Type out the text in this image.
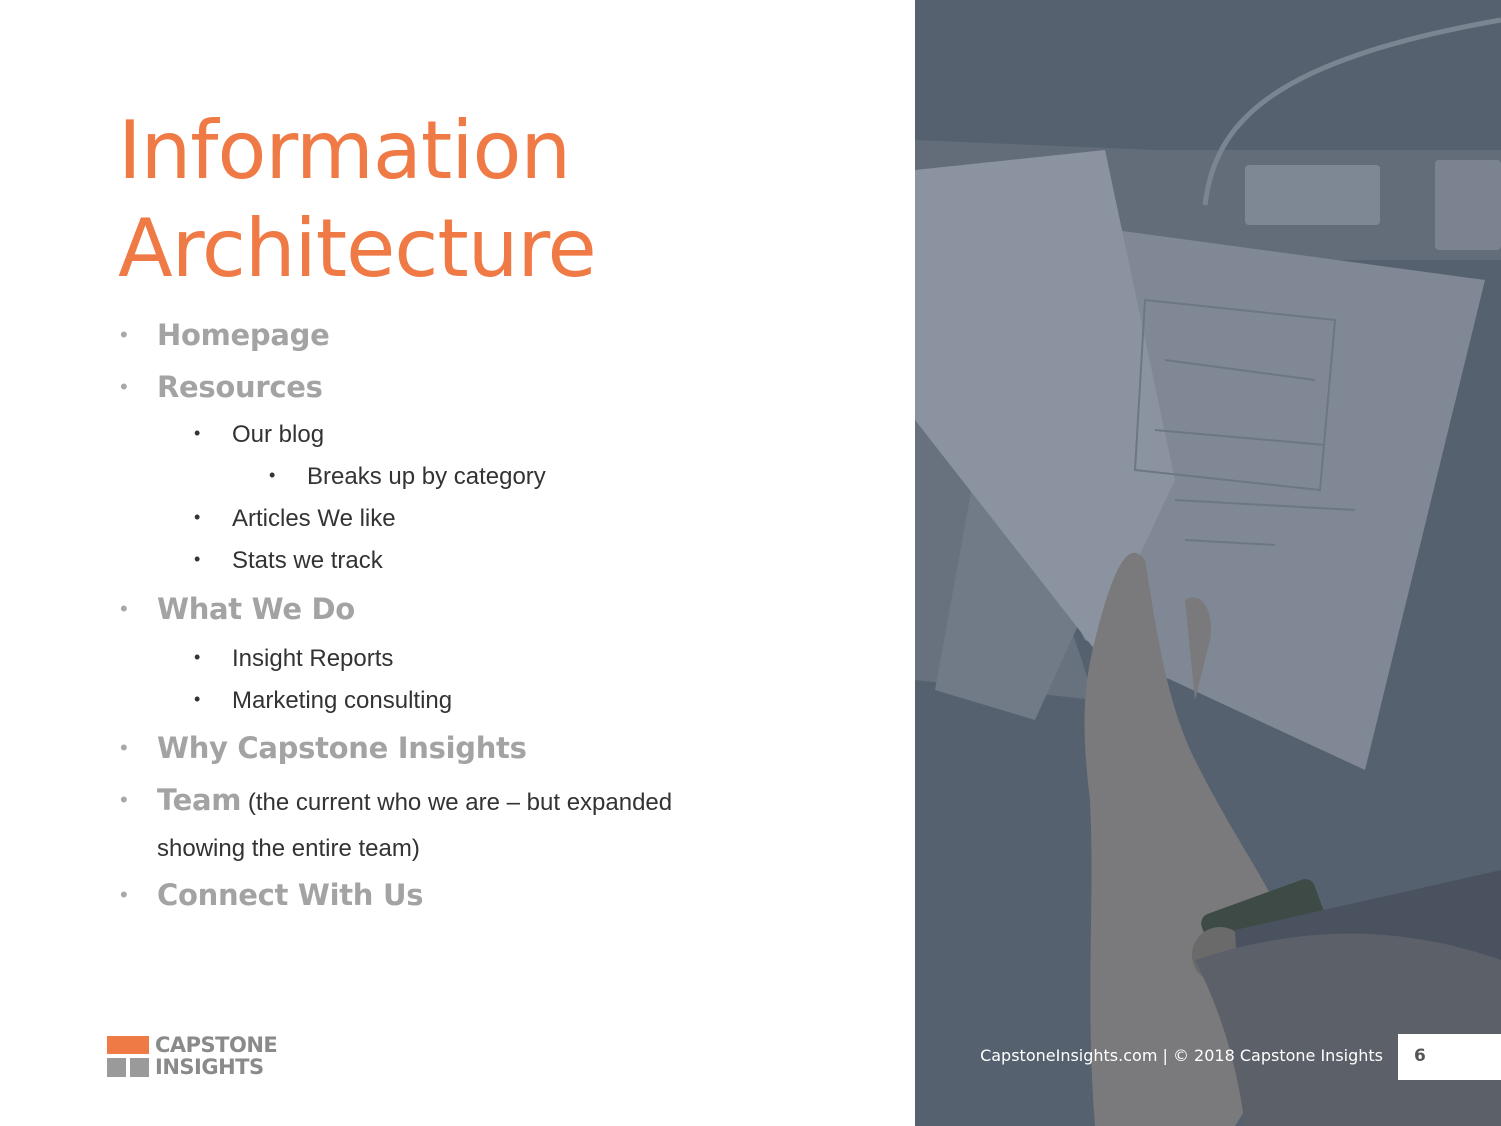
Information
Architecture
• Homepage
• Resources
• Our blog
• Breaks up by category
• Articles We like
• Stats we track
• What We Do
• Insight Reports
• Marketing consulting
• Why Capstone Insights
• Team (the current who we are – but expanded
showing the entire team)
• Connect With Us
CAPSTONE
INSIGHTS	CapstoneInsights.com | © 2018 Capstone Insights 6
